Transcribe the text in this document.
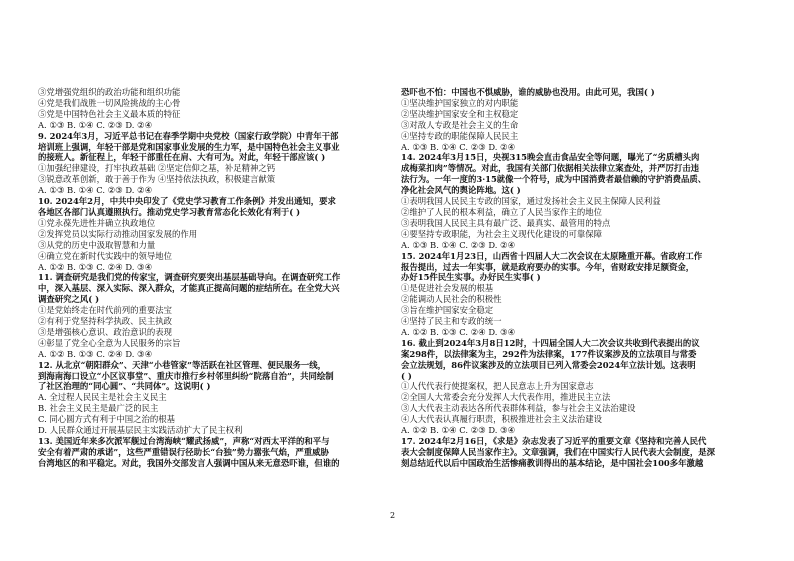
③党增强党组织的政治功能和组织功能
④党是我们战胜一切风险挑战的主心骨
⑤党是中国特色社会主义最本质的特征
A. ①③ B. ①④ C. ②③ D. ②④
9. 2024年3月，习近平总书记在春季学期中央党校（国家行政学院）中青年干部
培训班上强调，年轻干部是党和国家事业发展的生力军，是中国特色社会主义事业
的接班人。新征程上，年轻干部重任在肩、大有可为。对此，年轻干部应该( )
①加强纪律建设，打牢执政基础 ②坚定信仰之基，补足精神之钙
③锐意改革创新，敢于善于作为 ④坚持依法执政，积极建言献策
A. ①③ B. ①④ C. ②③ D. ②④
10. 2024年2月，中共中央印发了《党史学习教育工作条例》并发出通知，要求
各地区各部门认真遵照执行。推动党史学习教育常态化长效化有利于( )
①党永葆先进性并确立执政地位
②发挥党员以实际行动推动国家发展的作用
③从党的历史中汲取智慧和力量
④确立党在新时代实践中的领导地位
A. ①② B. ①③ C. ②④ D. ③④
11. 调查研究是我们党的传家宝，调查研究要突出基层基础导向。在调查研究工作
中，深入基层、深入实际、深入群众，才能真正提高问题的症结所在。在全党大兴
调查研究之风( )
①是党始终走在时代前列的重要法宝
②有利于党坚持科学执政、民主执政
③是增强核心意识、政治意识的表现
④彰显了党全心全意为人民服务的宗旨
A. ①② B. ①③ C. ②④ D. ③④
12. 从北京“朝阳群众”、天津“小巷管家”等活跃在社区管理、便民服务一线，
到海南海口设立“小区议事堂”、重庆市推行乡村邻里纠纷“院落自治”，共同绘制
了社区治理的“同心圆”、“共同体”。这说明( )
A. 全过程人民民主是社会主义民主
B. 社会主义民主是最广泛的民主
C. 同心圆方式有利于中国之治的根基
D. 人民群众通过开展基层民主实践活动扩大了民主权利
13. 美国近年来多次派军舰过台湾海峡“耀武扬威”，声称“对西太平洋的和平与
安全有着严肃的承诺”，这些严重错误行径助长“台独”势力嚣张气焰，严重威胁
台湾地区的和平稳定。对此，我国外交部发言人强调中国从来无意恐吓谁，但谁的
恐吓也不怕：中国也不惧威胁，谁的威胁也没用。由此可见，我国( )
①坚决维护国家独立的对内职能
②坚决维护国家安全和主权稳定
③对敌人专政是社会主义的生命
④坚持专政的职能保障人民民主
A. ①③ B. ①④ C. ②③ D. ②④
14. 2024年3月15日，央视315晚会直击食品安全等问题，曝光了“劣质槽头肉
成梅菜扣肉”等情况。对此，我国有关部门依据相关法律立案查处，并严厉打击违
法行为。一年一度的3·15就像一个符号，成为中国消费者最信赖的守护消费品质、
净化社会风气的舆论阵地。这( )
①表明我国人民民主专政的国家，通过发扬社会主义民主保障人民利益
②维护了人民的根本利益，确立了人民当家作主的地位
③表明我国人民民主具有最广泛、最真实、最管用的特点
④要坚持专政职能，为社会主义现代化建设的可靠保障
A. ①③ B. ①④ C. ②③ D. ②④
15. 2024年1月23日，山西省十四届人大二次会议在太原隆重开幕。省政府工作
报告提出，过去一年实事，就是政府要办的实事。今年，省财政安排足额资金，
办好15件民生实事。办好民生实事( )
①是促进社会发展的根基
②能调动人民社会的积极性
③旨在维护国家安全稳定
④坚持了民主和专政的统一
A. ①② B. ①③ C. ②④ D. ③④
16. 截止到2024年3月8日12时，十四届全国人大二次会议共收到代表提出的议
案298件，以法律案为主，292件为法律案，177件议案涉及的立法项目与常委
会立法规划，86件议案涉及的立法项目已列入常委会2024年立法计划。这表明
( )
①人代代表行使提案权，把人民意志上升为国家意志
②全国人大常委会充分发挥人大代表作用，推进民主立法
③人大代表主动表达各所代表群体利益，参与社会主义法治建设
④人大代表认真履行职责，积极推进社会主义法治建设
A. ①② B. ①④ C. ②③ D. ③④
17. 2024年2月16日，《求是》杂志发表了习近平的重要文章《坚持和完善人民代
表大会制度保障人民当家作主》。文章强调，我们在中国实行人民代表大会制度，是深
刻总结近代以后中国政治生活惨痛教训得出的基本结论，是中国社会100多年激越
2
